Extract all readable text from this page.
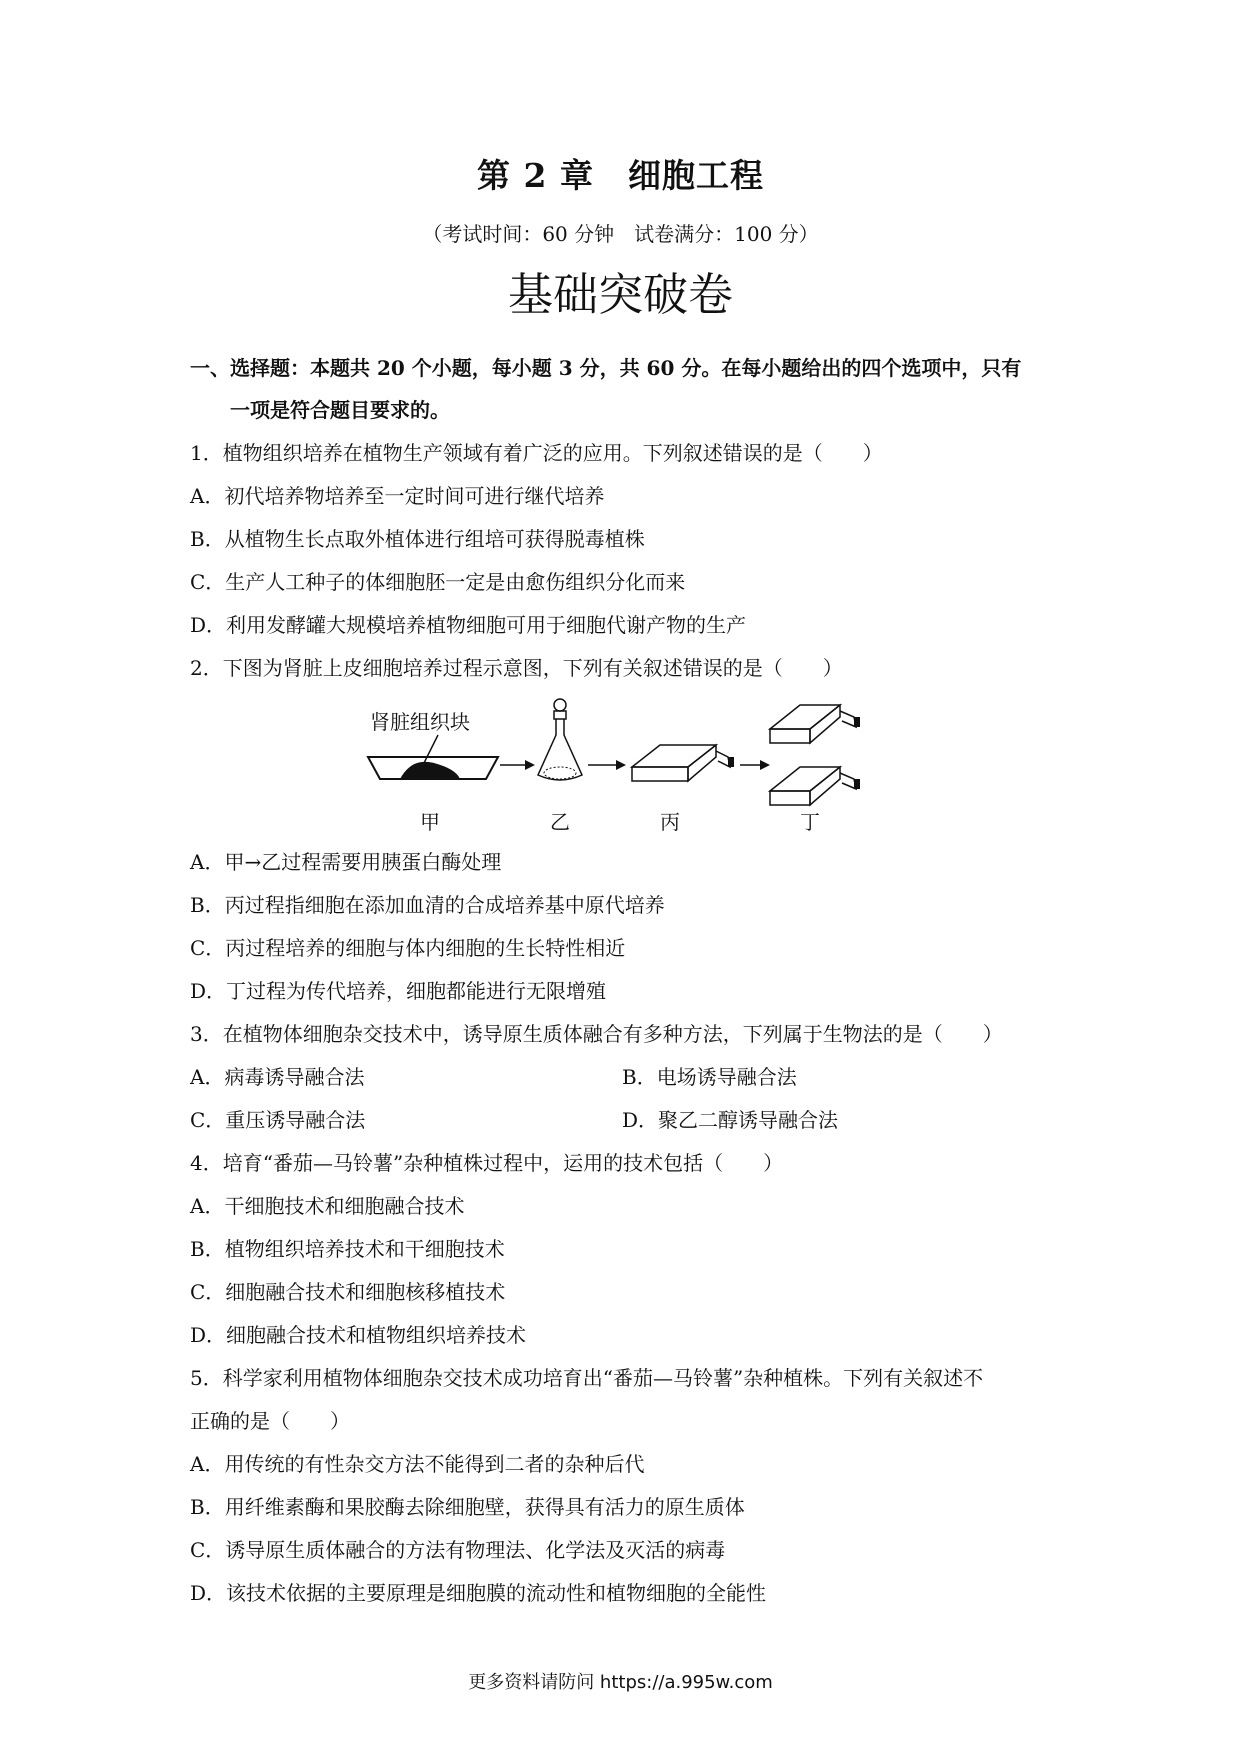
第 2 章　细胞工程
（考试时间：60 分钟　试卷满分：100 分）
基础突破卷
一、选择题：本题共 20 个小题，每小题 3 分，共 60 分。在每小题给出的四个选项中，只有
一项是符合题目要求的。
1．植物组织培养在植物生产领域有着广泛的应用。下列叙述错误的是（　　）
A．初代培养物培养至一定时间可进行继代培养
B．从植物生长点取外植体进行组培可获得脱毒植株
C．生产人工种子的体细胞胚一定是由愈伤组织分化而来
D．利用发酵罐大规模培养植物细胞可用于细胞代谢产物的生产
2．下图为肾脏上皮细胞培养过程示意图，下列有关叙述错误的是（　　）
肾脏组织块
甲	乙	丙	丁
A．甲→乙过程需要用胰蛋白酶处理
B．丙过程指细胞在添加血清的合成培养基中原代培养
C．丙过程培养的细胞与体内细胞的生长特性相近
D．丁过程为传代培养，细胞都能进行无限增殖
3．在植物体细胞杂交技术中，诱导原生质体融合有多种方法，下列属于生物法的是（　　）
A．病毒诱导融合法	B．电场诱导融合法
C．重压诱导融合法	D．聚乙二醇诱导融合法
4．培育“番茄—马铃薯”杂种植株过程中，运用的技术包括（　　）
A．干细胞技术和细胞融合技术
B．植物组织培养技术和干细胞技术
C．细胞融合技术和细胞核移植技术
D．细胞融合技术和植物组织培养技术
5．科学家利用植物体细胞杂交技术成功培育出“番茄—马铃薯”杂种植株。下列有关叙述不
正确的是（　　）
A．用传统的有性杂交方法不能得到二者的杂种后代
B．用纤维素酶和果胶酶去除细胞壁，获得具有活力的原生质体
C．诱导原生质体融合的方法有物理法、化学法及灭活的病毒
D．该技术依据的主要原理是细胞膜的流动性和植物细胞的全能性
更多资料请防问 https://a.995w.com
